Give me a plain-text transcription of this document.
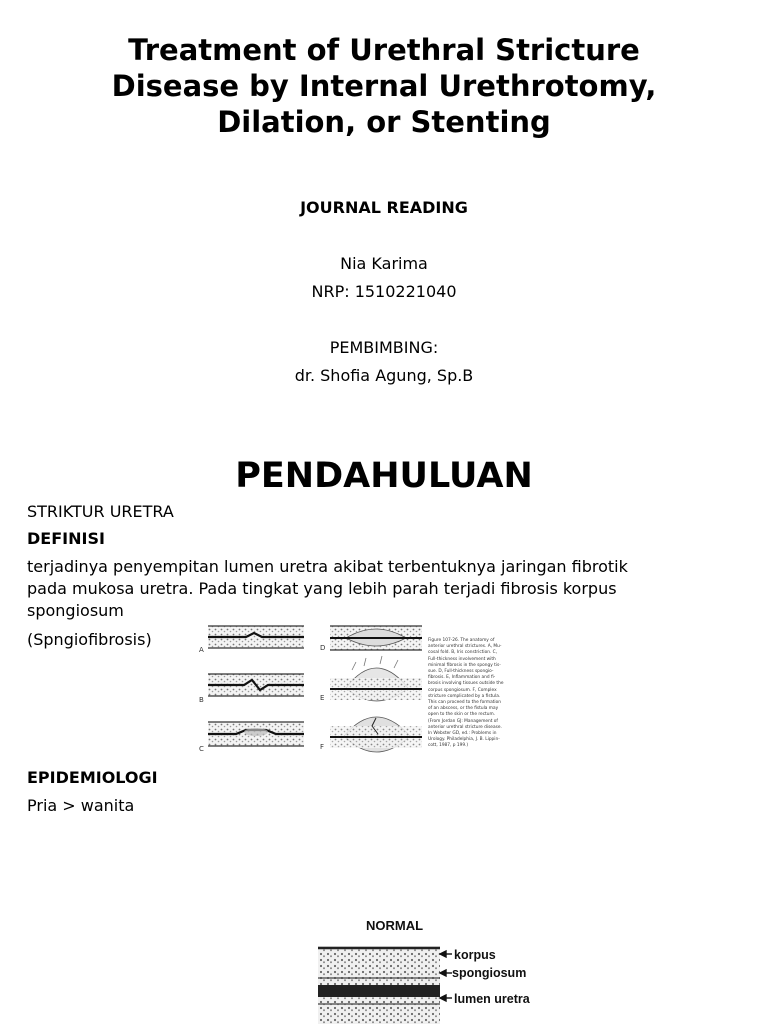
Treatment of Urethral Stricture
Disease by Internal Urethrotomy,
Dilation, or Stenting
JOURNAL READING
Nia Karima
NRP: 1510221040
PEMBIMBING:
dr. Shofia Agung, Sp.B
PENDAHULUAN
STRIKTUR URETRA
DEFINISI

terjadinya penyempitan lumen uretra akibat terbentuknya jaringan fibrotik
pada mukosa uretra. Pada tingkat yang lebih parah terjadi fibrosis korpus
spongiosum

(Spngiofibrosis)
A
B
C
D
E
F
Figure 107-26. The anatomy of
anterior urethral strictures. A, Mu-
cosal fold. B, Iris constriction. C,
Full-thickness involvement with
minimal fibrosis in the spongy tis-
sue. D, Full-thickness spongio-
fibrosis. E, Inflammation and fi-
brosis involving tissues outside the
corpus spongiosum. F, Complex
stricture complicated by a fistula.
This can proceed to the formation
of an abscess, or the fistula may
open to the skin or the rectum.
(From Jordan GJ: Management of
anterior urethral stricture disease.
In Webster GD, ed.: Problems in
Urology. Philadelphia, J. B. Lippin-
cott, 1987, p 199.)
EPIDEMIOLOGI
Pria > wanita
NORMAL
korpus
spongiosum
lumen uretra
